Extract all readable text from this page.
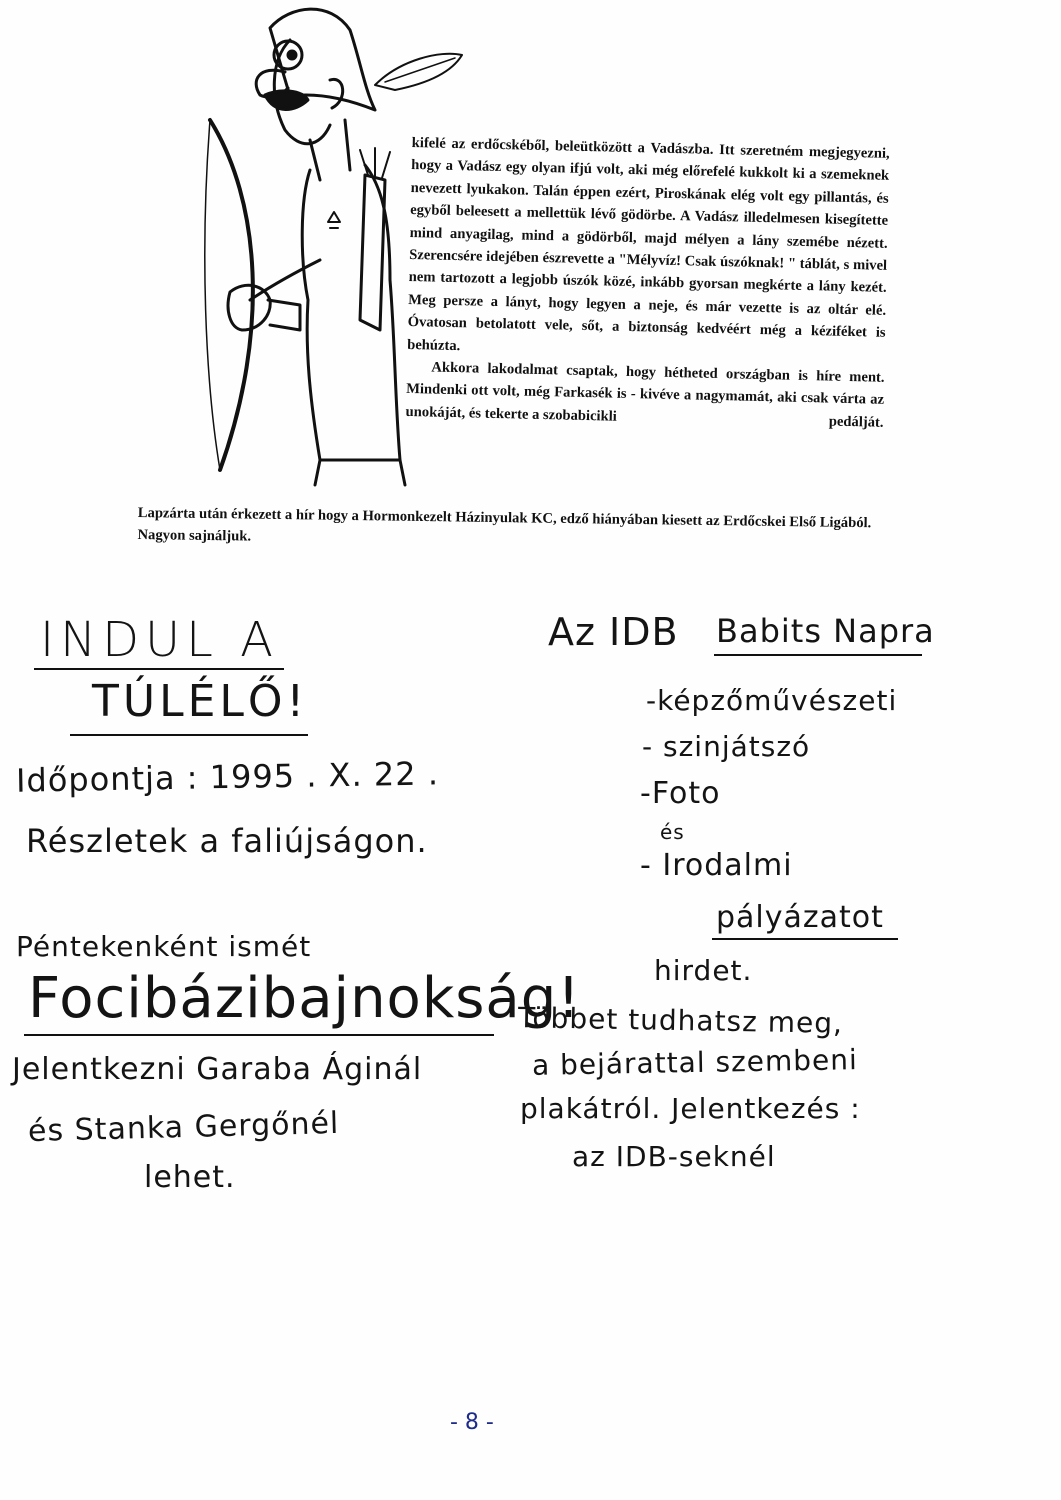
kifelé az erdőcskéből, beleütközött a Vadászba. Itt szeretném megjegyezni, hogy a Vadász egy olyan ifjú volt, aki még előrefelé kukkolt ki a szemeknek nevezett lyukakon. Talán éppen ezért, Piroskának elég volt egy pillantás, és egyből beleesett a mellettük lévő gödörbe. A Vadász illedelmesen kisegítette mind anyagilag, mind a gödörből, majd mélyen a lány szemébe nézett. Szerencsére idejében észrevette a "Mélyvíz! Csak úszóknak! " táblát, s mivel nem tartozott a legjobb úszók közé, inkább gyorsan megkérte a lány kezét. Meg persze a lányt, hogy legyen a neje, és már vezette is az oltár elé. Óvatosan betolatott vele, sőt, a biztonság kedvéért még a kéziféket is behúzta.

Akkora lakodalmat csaptak, hogy hétheted országban is híre ment. Mindenki ott volt, még Farkasék is - kivéve a nagymamát, aki csak várta az unokáját, és tekerte a szobabicikli	pedálját.

Lapzárta után érkezett a hír hogy a Hormonkezelt Házinyulak KC, edző hiányában kiesett az Erdőcskei Első Ligából. Nagyon sajnáljuk.
INDUL A
TÚLÉLŐ!
Időpontja : 1995 . X. 22 .
Részletek a faliújságon.
Péntekenként ismét
Focibázibajnokság!
Jelentkezni Garaba Áginál
és Stanka Gergőnél
lehet.
Az IDB Babits Napra
-képzőművészeti
- szinjátszó
-Foto
és
- Irodalmi
pályázatot
hirdet.
Többet tudhatsz meg,
a bejárattal szembeni
plakátról. Jelentkezés :
az IDB-seknél
- 8 -
